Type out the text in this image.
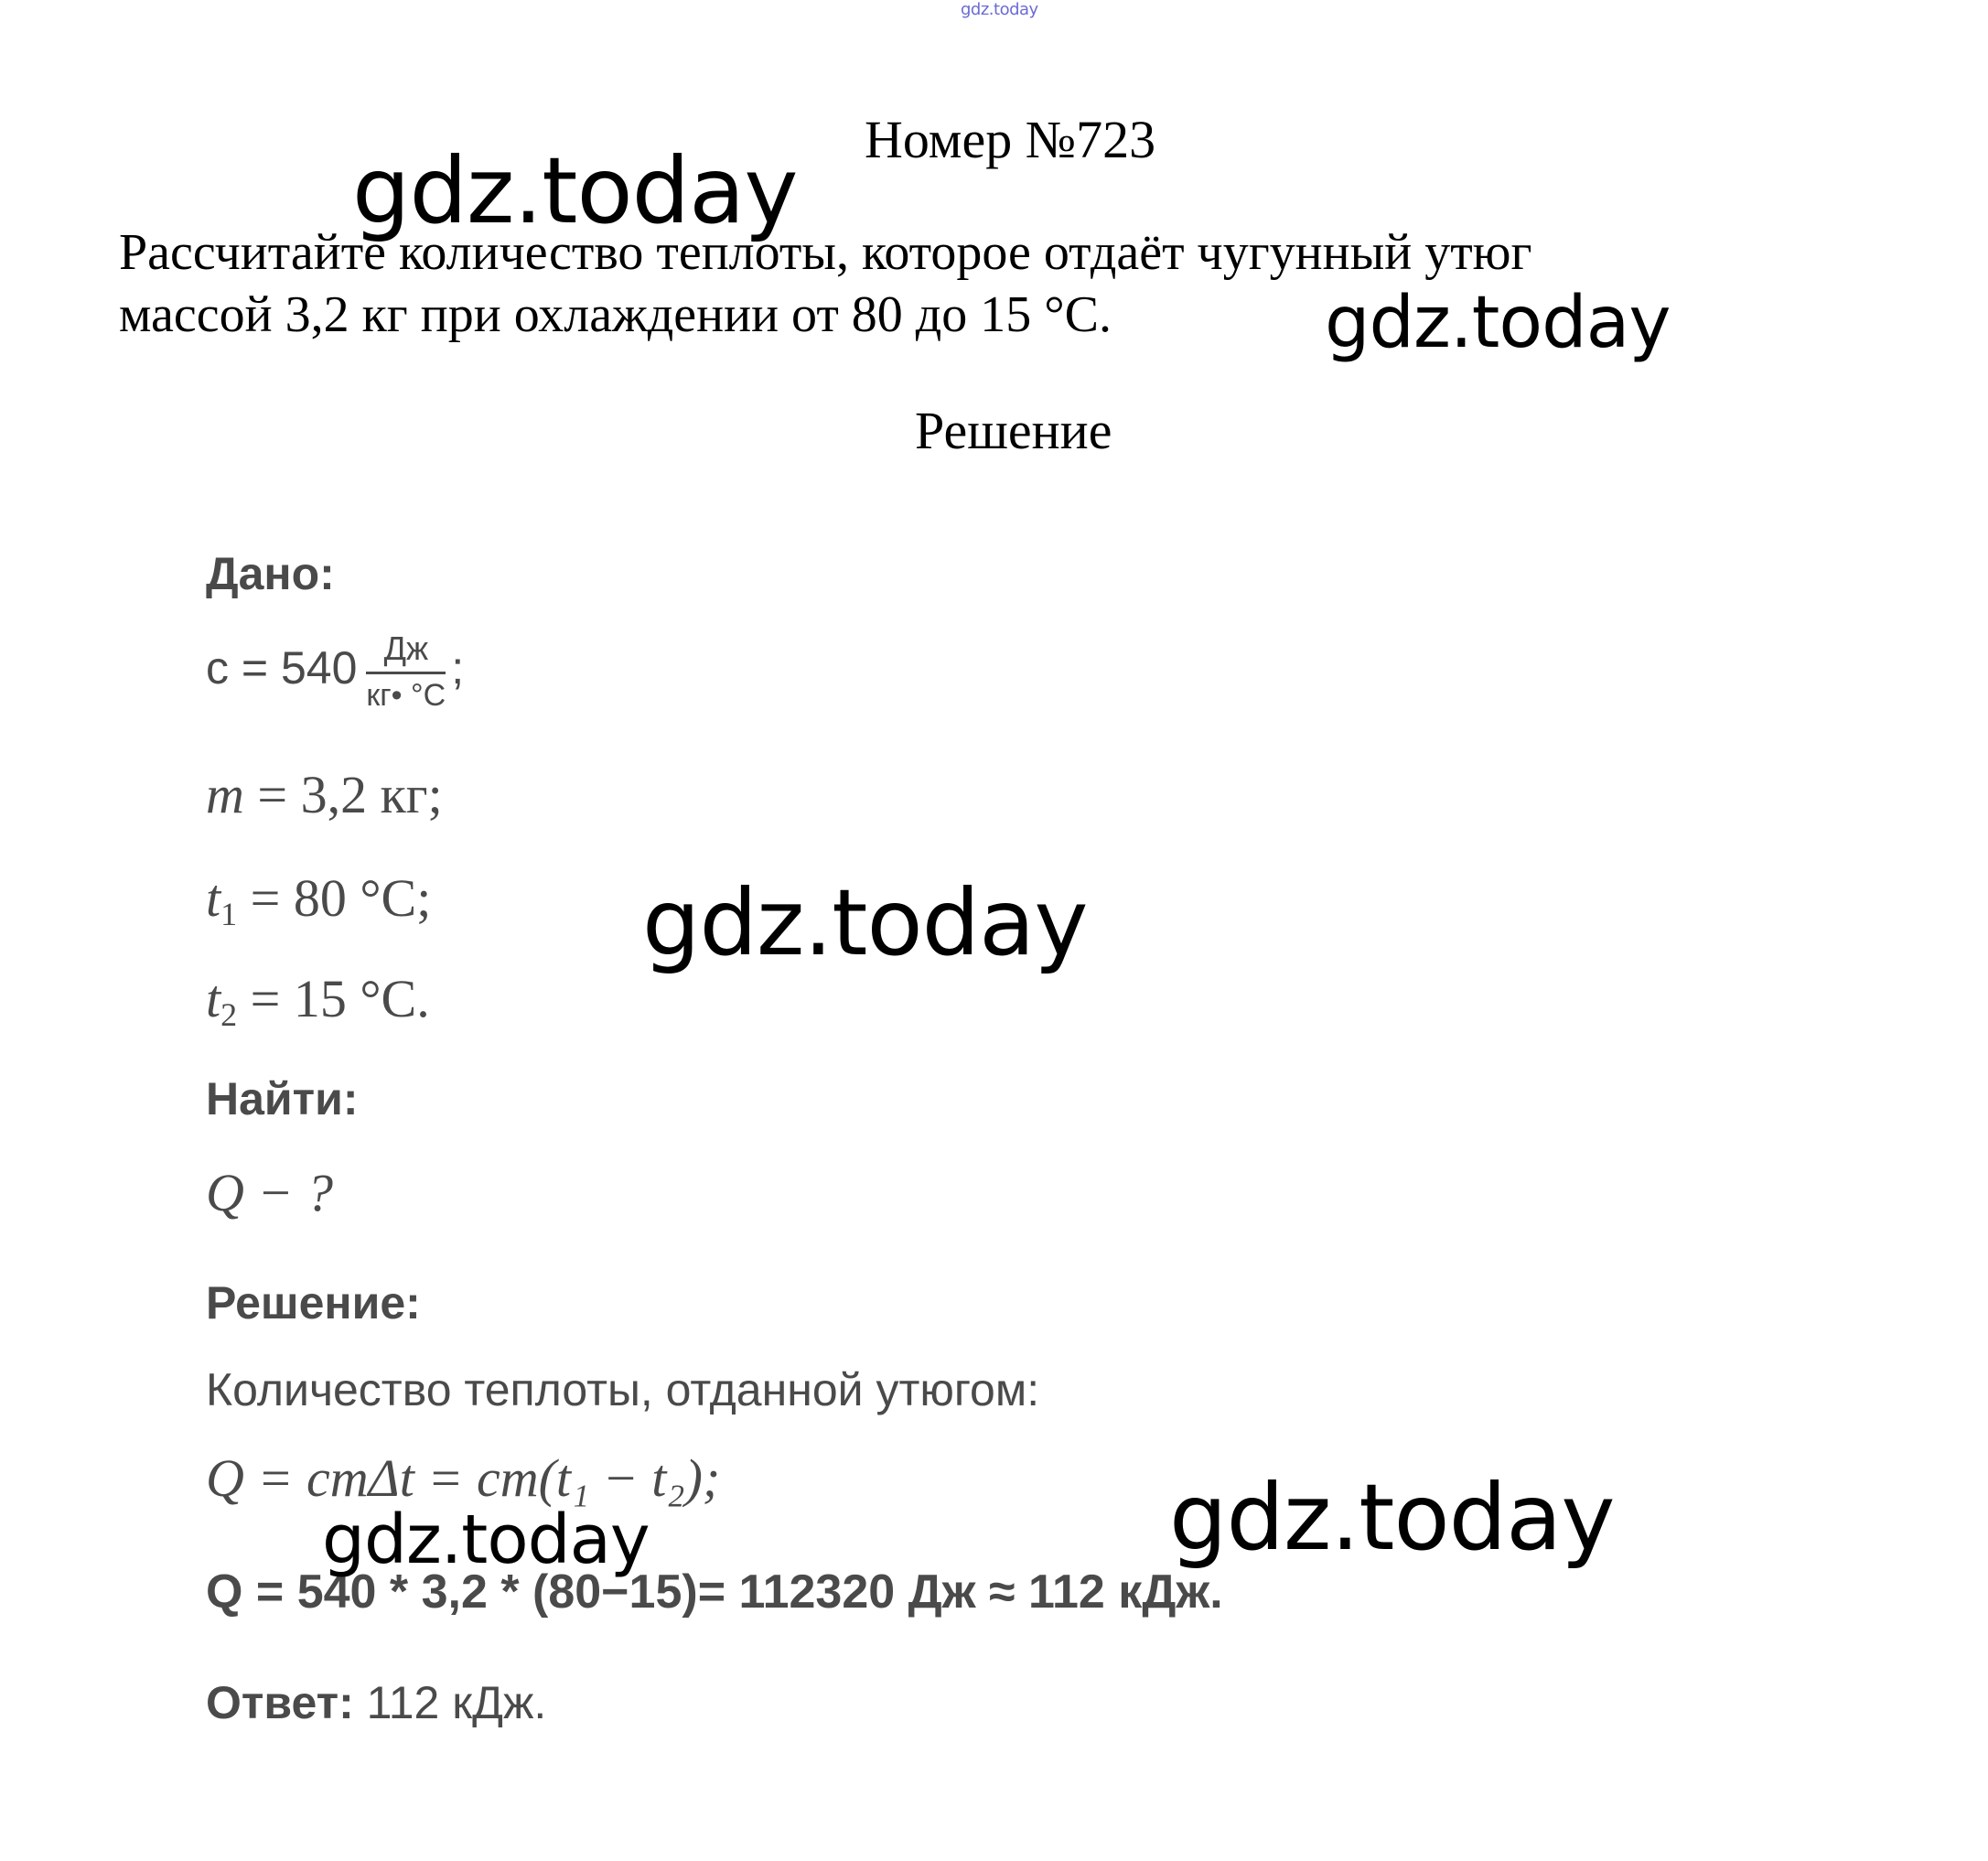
gdz.today
Номер №723
Рассчитайте количество теплоты, которое отдаёт чугунный утюг
массой 3,2 кг при охлаждении от 80 до 15 °С.
Решение
Дано:
$c = 540 \frac{Дж}{кг• ^\circ C}$ ;
m = 3,2 кг;
$t_1 = 80$ °C;
$t_2 = 15$ °C.
Найти:
Q − ?
Решение:
Количество теплоты, отданной утюгом:
Q = cmΔt = cm(t₁ − t₂);
Q = 540 * 3,2 * (80−15)= 112320 Дж ≈ 112 кДж.
Ответ: 112 кДж.
gdz.today
gdz.today
gdz.today
gdz.today	gdz.today
